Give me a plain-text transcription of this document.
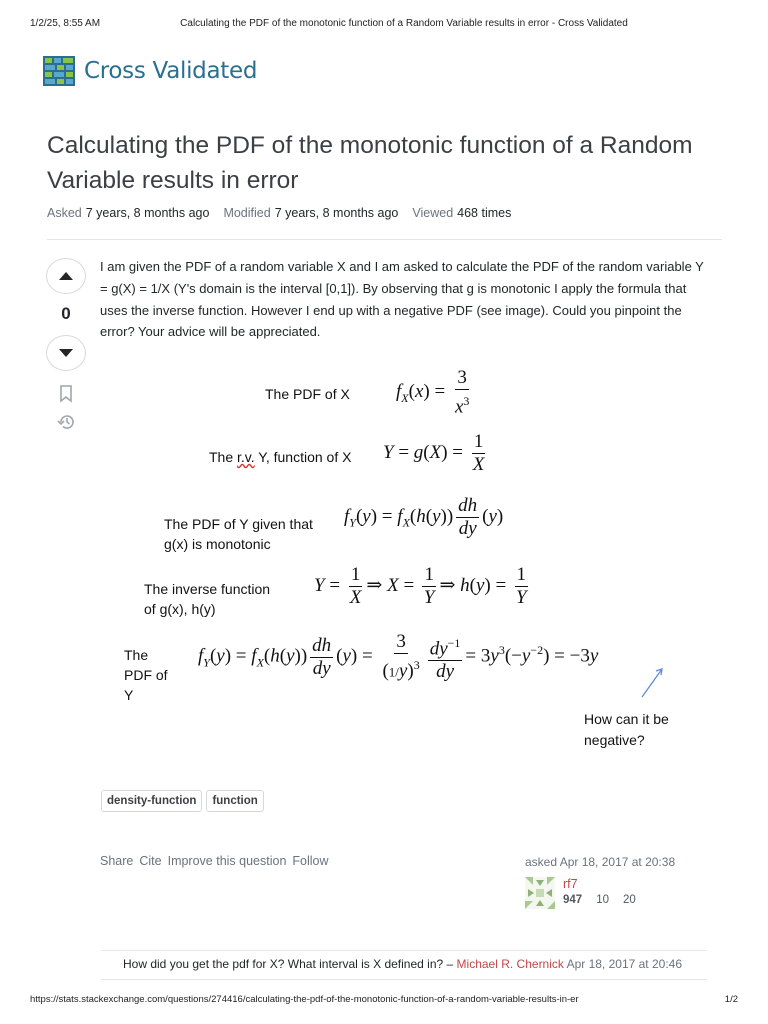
1/2/25, 8:55 AM	Calculating the PDF of the monotonic function of a Random Variable results in error - Cross Validated
Cross Validated
Calculating the PDF of the monotonic function of a Random Variable results in error
Asked 7 years, 8 months ago Modified 7 years, 8 months ago Viewed 468 times
0
I am given the PDF of a random variable X and I am asked to calculate the PDF of the random variable Y = g(X) = 1/X (Y's domain is the interval [0,1]). By observing that g is monotonic I apply the formula that uses the inverse function. However I end up with a negative PDF (see image). Could you pinpoint the error? Your advice will be appreciated.
The PDF of X $f_X(x) = \frac{3}{x^3}$
The r.v. Y, function of X $Y = g(X) = \frac{1}{X}$
The PDF of Y given that
g(x) is monotonic
$f_Y(y) = f_X(h(y)) \frac{dh}{dy} (y)$
The inverse function
of g(x), h(y)
$Y = \frac{1}{X}$ ⇒ $X = \frac{1}{Y}$ ⇒ $h(y) = \frac{1}{Y}$
The
PDF of
Y
$f_Y(y) = f_X(h(y)) \frac{dh}{dy} (y) = \frac{3}{(1/y)^3} \frac{dy^{-1}}{dy} = 3y^3(-y^{-2}) = -3y$
How can it be
negative?
density-function	function
Share Cite Improve this question Follow	asked Apr 18, 2017 at 20:38
rf7
947 10 20
How did you get the pdf for X? What interval is X defined in? – Michael R. Chernick Apr 18, 2017 at 20:46
https://stats.stackexchange.com/questions/274416/calculating-the-pdf-of-the-monotonic-function-of-a-random-variable-results-in-er	1/2
